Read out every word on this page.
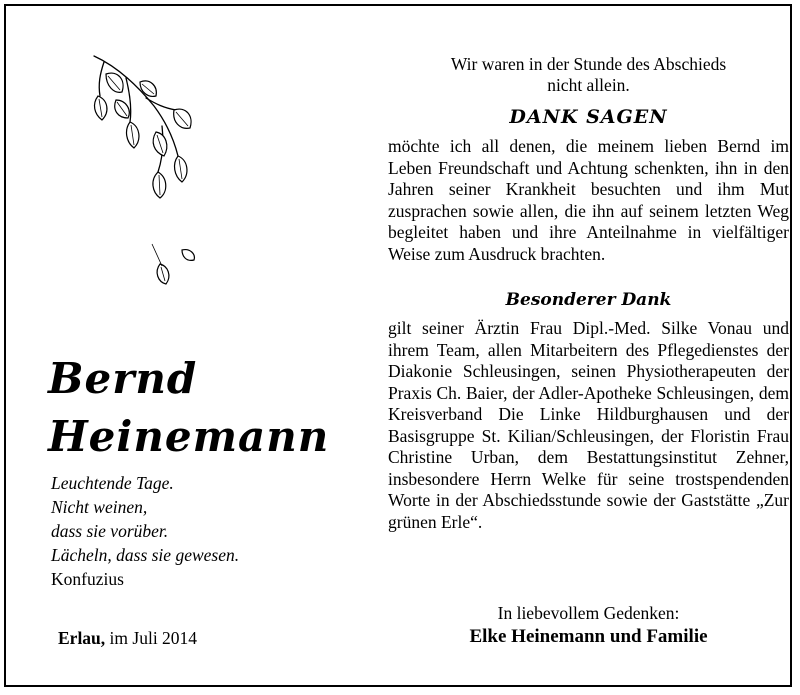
Bernd
Heinemann
Leuchtende Tage.
Nicht weinen,
dass sie vorüber.
Lächeln, dass sie gewesen.
Konfuzius
Erlau, im Juli 2014
Wir waren in der Stunde des Abschieds
nicht allein.
DANK SAGEN
möchte ich all denen, die meinem lieben Bernd im Leben Freundschaft und Achtung schenkten, ihn in den Jahren seiner Krankheit besuchten und ihm Mut zusprachen sowie allen, die ihn auf seinem letzten Weg begleitet haben und ihre Anteilnahme in vielfältiger Weise zum Ausdruck brachten.
Besonderer Dank
gilt seiner Ärztin Frau Dipl.-Med. Silke Vonau und ihrem Team, allen Mitarbeitern des Pflegedienstes der Diakonie Schleusingen, seinen Physiotherapeuten der Praxis Ch. Baier, der Adler-Apotheke Schleusingen, dem Kreisverband Die Linke Hildburghausen und der Basisgruppe St. Kilian/Schleusingen, der Floristin Frau Christine Urban, dem Bestattungsinstitut Zehner, insbesondere Herrn Welke für seine trostspendenden Worte in der Abschiedsstunde sowie der Gaststätte „Zur grünen Erle“.
In liebevollem Gedenken:
Elke Heinemann und Familie
